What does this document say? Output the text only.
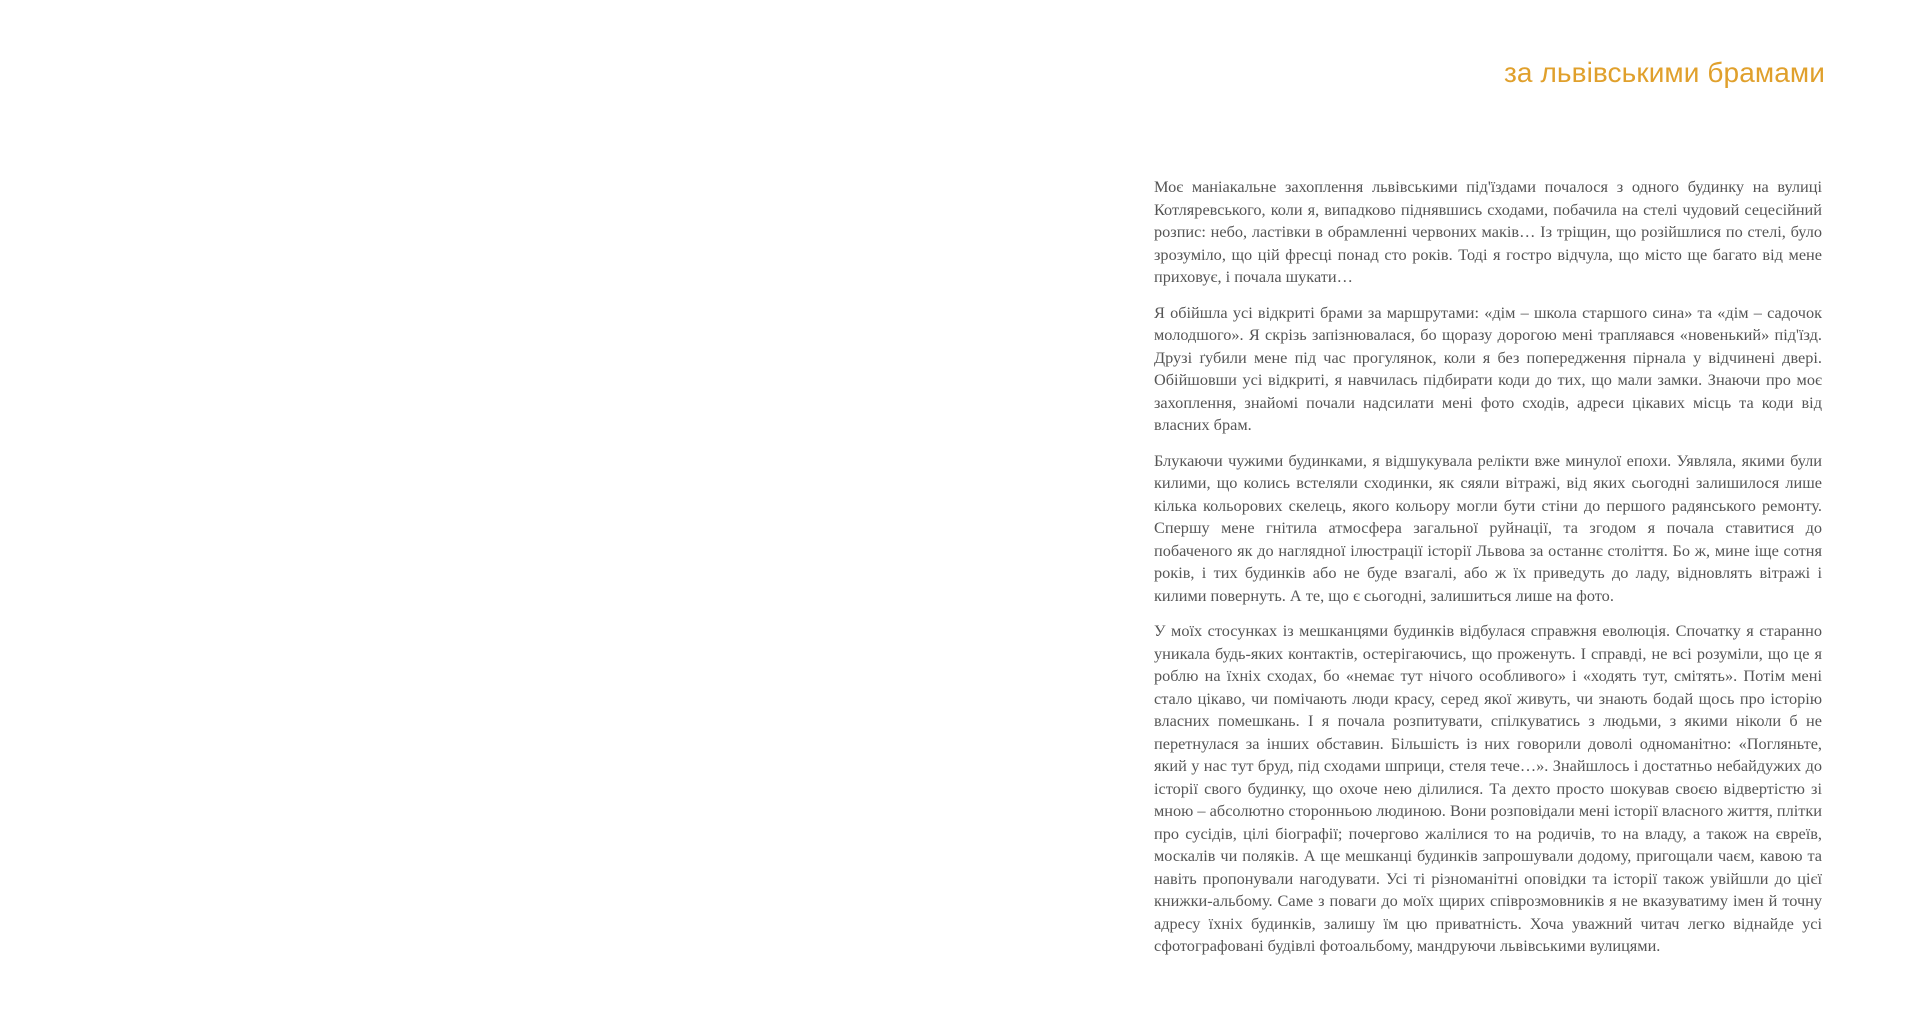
за львівськими брамами

Моє маніакальне захоплення львівськими під'їздами почалося з одного будинку на вулиці Котляревського, коли я, випадково піднявшись сходами, побачила на стелі чудовий сецесійний розпис: небо, ластівки в обрамленні червоних маків… Із тріщин, що розійшлися по стелі, було зрозуміло, що цій фресці понад сто років. Тоді я гостро відчула, що місто ще багато від мене приховує, і почала шукати…

Я обійшла усі відкриті брами за маршрутами: «дім – школа старшого сина» та «дім – садочок молодшого». Я скрізь запізнювалася, бо щоразу дорогою мені трапляався «новенький» під'їзд. Друзі ґубили мене під час прогулянок, коли я без попередження пірнала у відчинені двері. Обійшовши усі відкриті, я навчилась підбирати коди до тих, що мали замки. Знаючи про моє захоплення, знайомі почали надсилати мені фото сходів, адреси цікавих місць та коди від власних брам.

Блукаючи чужими будинками, я відшукувала релікти вже минулої епохи. Уявляла, якими були килими, що колись встеляли сходинки, як сяяли вітражі, від яких сьогодні залишилося лише кілька кольорових скелець, якого кольору могли бути стіни до першого радянського ремонту. Спершу мене гнітила атмосфера загальної руйнації, та згодом я почала ставитися до побаченого як до наглядної ілюстрації історії Львова за останнє століття. Бо ж, мине іще сотня років, і тих будинків або не буде взагалі, або ж їх приведуть до ладу, відновлять вітражі і килими повернуть. А те, що є сьогодні, залишиться лише на фото.

У моїх стосунках із мешканцями будинків відбулася справжня еволюція. Спочатку я старанно уникала будь-яких контактів, остерігаючись, що проженуть. І справді, не всі розуміли, що це я роблю на їхніх сходах, бо «немає тут нічого особливого» і «ходять тут, смітять». Потім мені стало цікаво, чи помічають люди красу, серед якої живуть, чи знають бодай щось про історію власних помешкань. І я почала розпитувати, спілкуватись з людьми, з якими ніколи б не перетнулася за інших обставин. Більшість із них говорили доволі одноманітно: «Погляньте, який у нас тут бруд, під сходами шприци, стеля тече…». Знайшлось і достатньо небайдужих до історії свого будинку, що охоче нею ділилися. Та дехто просто шокував своєю відвертістю зі мною – абсолютно сторонньою людиною. Вони розповідали мені історії власного життя, плітки про сусідів, цілі біографії; почергово жалілися то на родичів, то на владу, а також на євреїв, москалів чи поляків. А ще мешканці будинків запрошували додому, пригощали чаєм, кавою та навіть пропонували нагодувати. Усі ті різноманітні оповідки та історії також увійшли до цієї книжки-альбому. Саме з поваги до моїх щирих співрозмовників я не вказуватиму імен й точну адресу їхніх будинків, залишу їм цю приватність. Хоча уважний читач легко віднайде усі сфотографовані будівлі фотоальбому, мандруючи львівськими вулицями.
